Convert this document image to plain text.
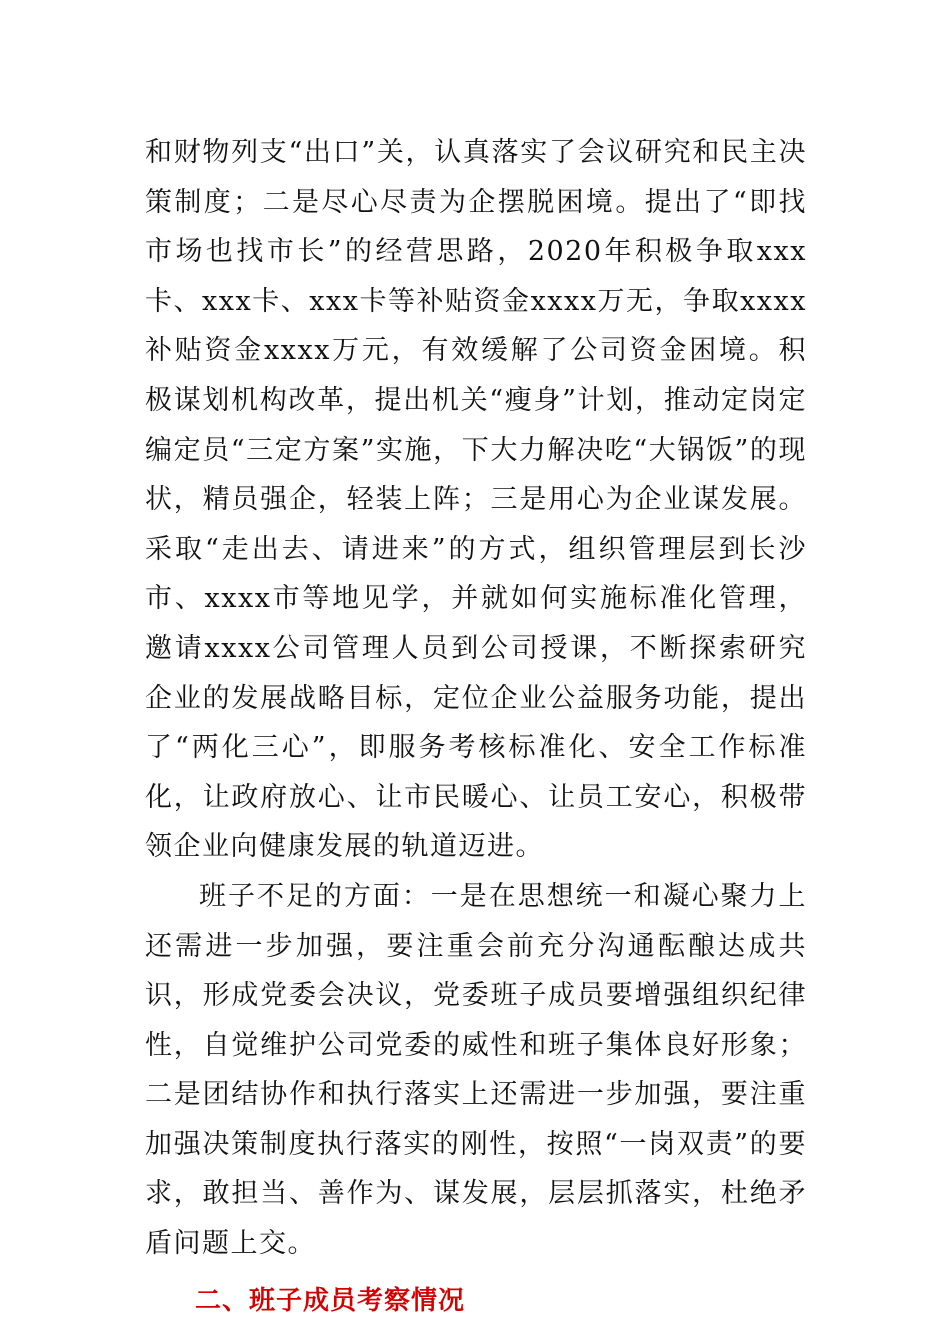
和财物列支“出口”关，认真落实了会议研究和民主决策制度；二是尽心尽责为企摆脱困境。提出了“即找市场也找市长”的经营思路，2020年积极争取xxx卡、xxx卡、xxx卡等补贴资金xxxx万无，争取xxxx补贴资金xxxx万元，有效缓解了公司资金困境。积极谋划机构改革，提出机关“瘦身”计划，推动定岗定编定员“三定方案”实施，下大力解决吃“大锅饭”的现状，精员强企，轻装上阵；三是用心为企业谋发展。采取“走出去、请进来”的方式，组织管理层到长沙市、xxxx市等地见学，并就如何实施标准化管理，邀请xxxx公司管理人员到公司授课，不断探索研究企业的发展战略目标，定位企业公益服务功能，提出了“两化三心”，即服务考核标准化、安全工作标准化，让政府放心、让市民暖心、让员工安心，积极带领企业向健康发展的轨道迈进。

班子不足的方面：一是在思想统一和凝心聚力上还需进一步加强，要注重会前充分沟通酝酿达成共识，形成党委会决议，党委班子成员要增强组织纪律性，自觉维护公司党委的威性和班子集体良好形象；二是团结协作和执行落实上还需进一步加强，要注重加强决策制度执行落实的刚性，按照“一岗双责”的要求，敢担当、善作为、谋发展，层层抓落实，杜绝矛盾问题上交。

二、班子成员考察情况
